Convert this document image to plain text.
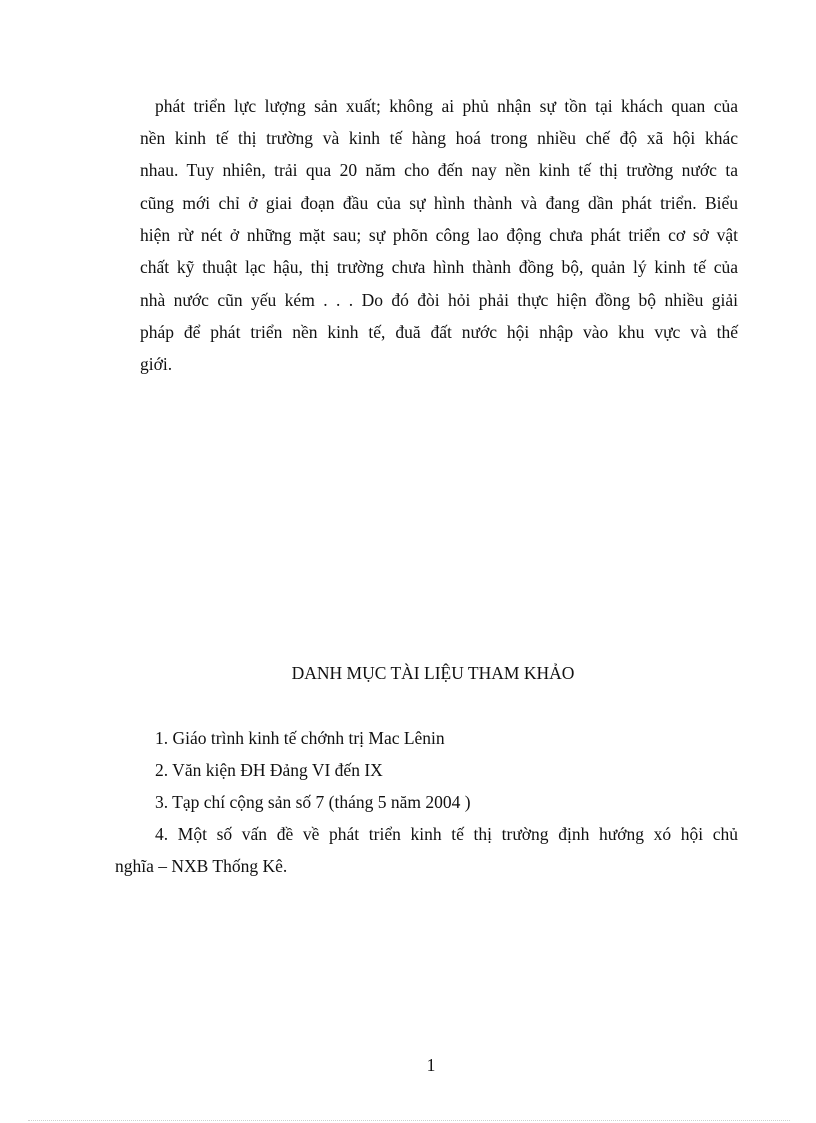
phát triển lực lượng sản xuất; không ai phủ nhận sự tồn tại khách quan của
nền kinh tế thị trường và kinh tế hàng hoá trong nhiều chế độ xã hội khác
nhau. Tuy nhiên, trải qua 20 năm cho đến nay nền kinh tế thị trường nước ta
cũng mới chỉ ở giai đoạn đầu của sự hình thành và đang dần phát triển. Biểu
hiện rừ nét ở những mặt sau; sự phõn công lao động chưa phát triển cơ sở vật
chất kỹ thuật lạc hậu, thị trường chưa hình thành đồng bộ, quản lý kinh tế của
nhà nước cũn yếu kém . . . Do đó đòi hỏi phải thực hiện đồng bộ nhiều giải
pháp để phát triển nền kinh tế, đuă đất nước hội nhập vào khu vực và thế
giới.
DANH MỤC TÀI LIỆU THAM KHẢO
1. Giáo trình kinh tế chớnh trị Mac Lênin
2. Văn kiện ĐH Đảng VI đến IX
3. Tạp chí cộng sản số 7 (tháng 5 năm 2004 )
4. Một số vấn đề về phát triển kinh tế thị trường định hướng xó hội chủ
nghĩa – NXB Thống Kê.
1
